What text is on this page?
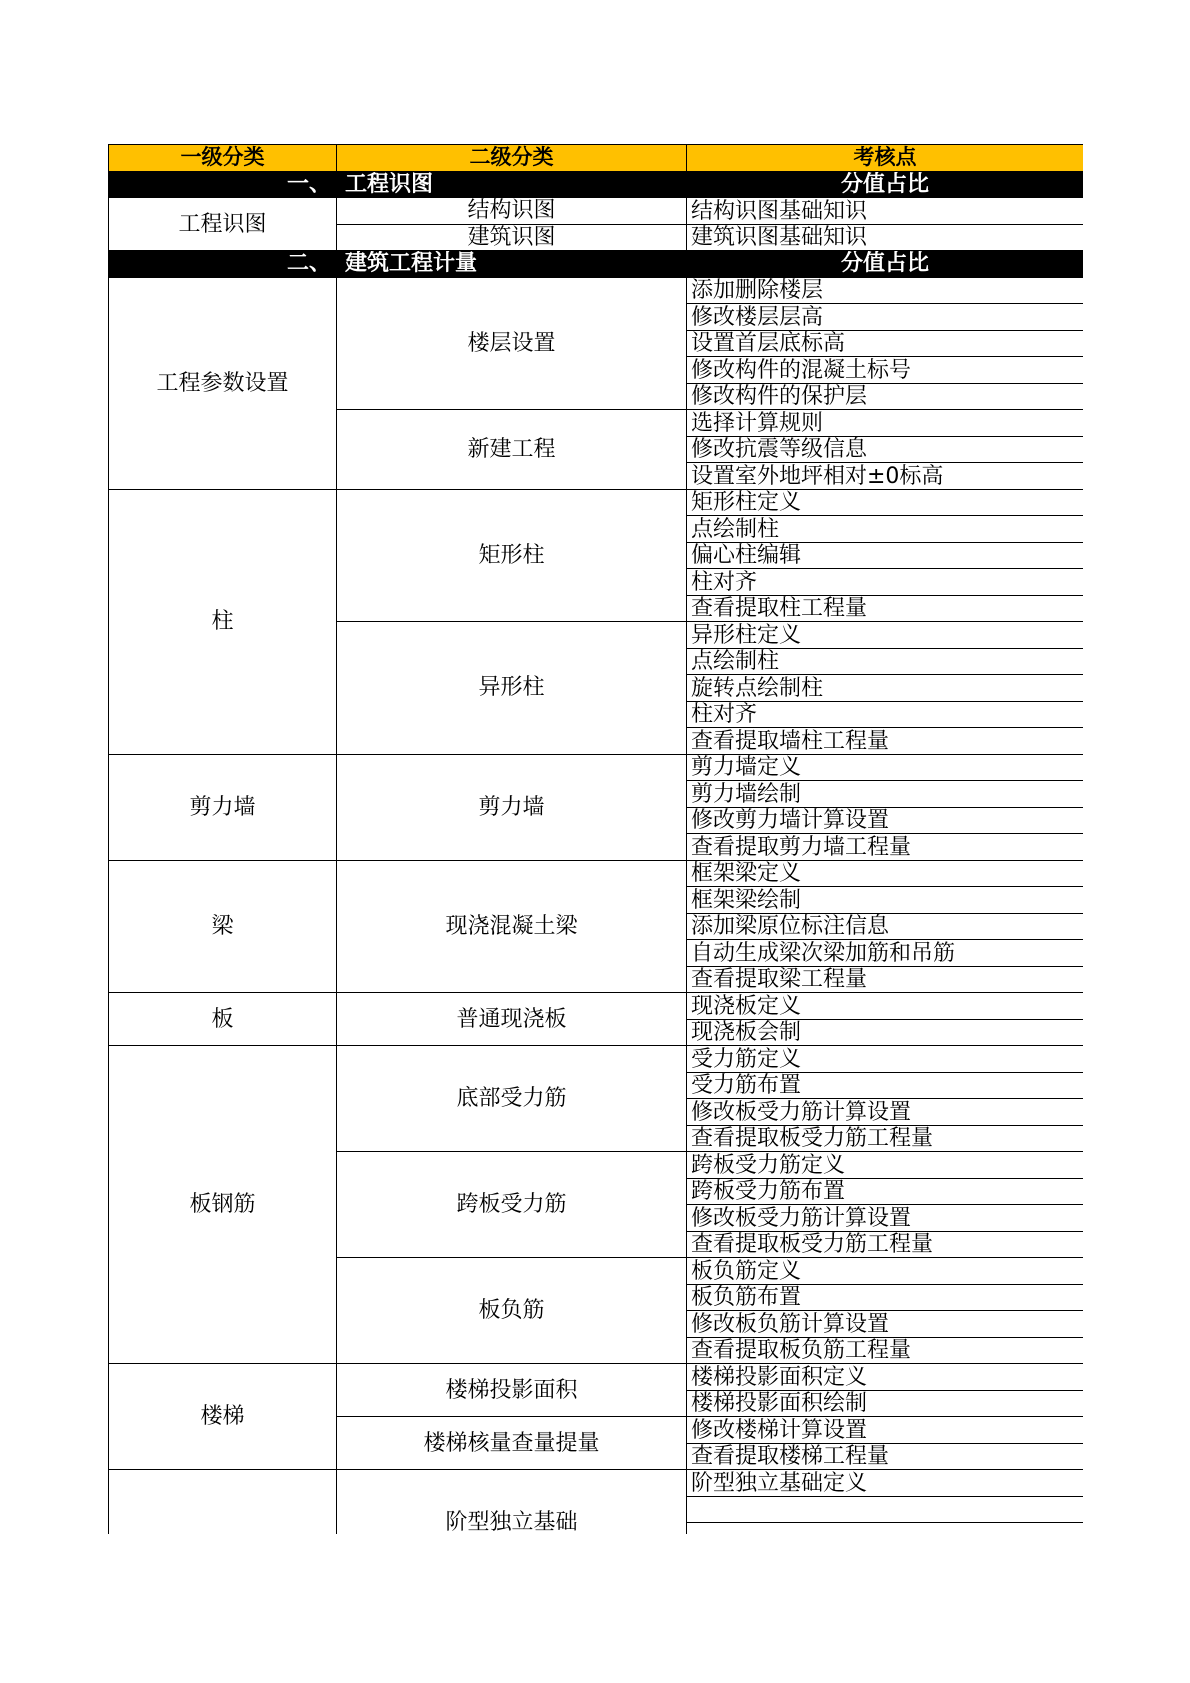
一级分类	二级分类	考核点
一、 工程识图		分值占比
工程识图	结构识图	结构识图基础知识
	建筑识图	建筑识图基础知识
二、 建筑工程计量		分值占比
工程参数设置	楼层设置	添加删除楼层
		修改楼层层高
		设置首层底标高
		修改构件的混凝土标号
		修改构件的保护层
	新建工程	选择计算规则
		修改抗震等级信息
		设置室外地坪相对±0标高
柱	矩形柱	矩形柱定义
		点绘制柱
		偏心柱编辑
		柱对齐
		查看提取柱工程量
	异形柱	异形柱定义
		点绘制柱
		旋转点绘制柱
		柱对齐
		查看提取墙柱工程量
剪力墙	剪力墙	剪力墙定义
		剪力墙绘制
		修改剪力墙计算设置
		查看提取剪力墙工程量
梁	现浇混凝土梁	框架梁定义
		框架梁绘制
		添加梁原位标注信息
		自动生成梁次梁加筋和吊筋
		查看提取梁工程量
板	普通现浇板	现浇板定义
		现浇板会制
板钢筋	底部受力筋	受力筋定义
		受力筋布置
		修改板受力筋计算设置
		查看提取板受力筋工程量
	跨板受力筋	跨板受力筋定义
		跨板受力筋布置
		修改板受力筋计算设置
		查看提取板受力筋工程量
	板负筋	板负筋定义
		板负筋布置
		修改板负筋计算设置
		查看提取板负筋工程量
楼梯	楼梯投影面积	楼梯投影面积定义
		楼梯投影面积绘制
	楼梯核量查量提量	修改楼梯计算设置
		查看提取楼梯工程量
	阶型独立基础	阶型独立基础定义
